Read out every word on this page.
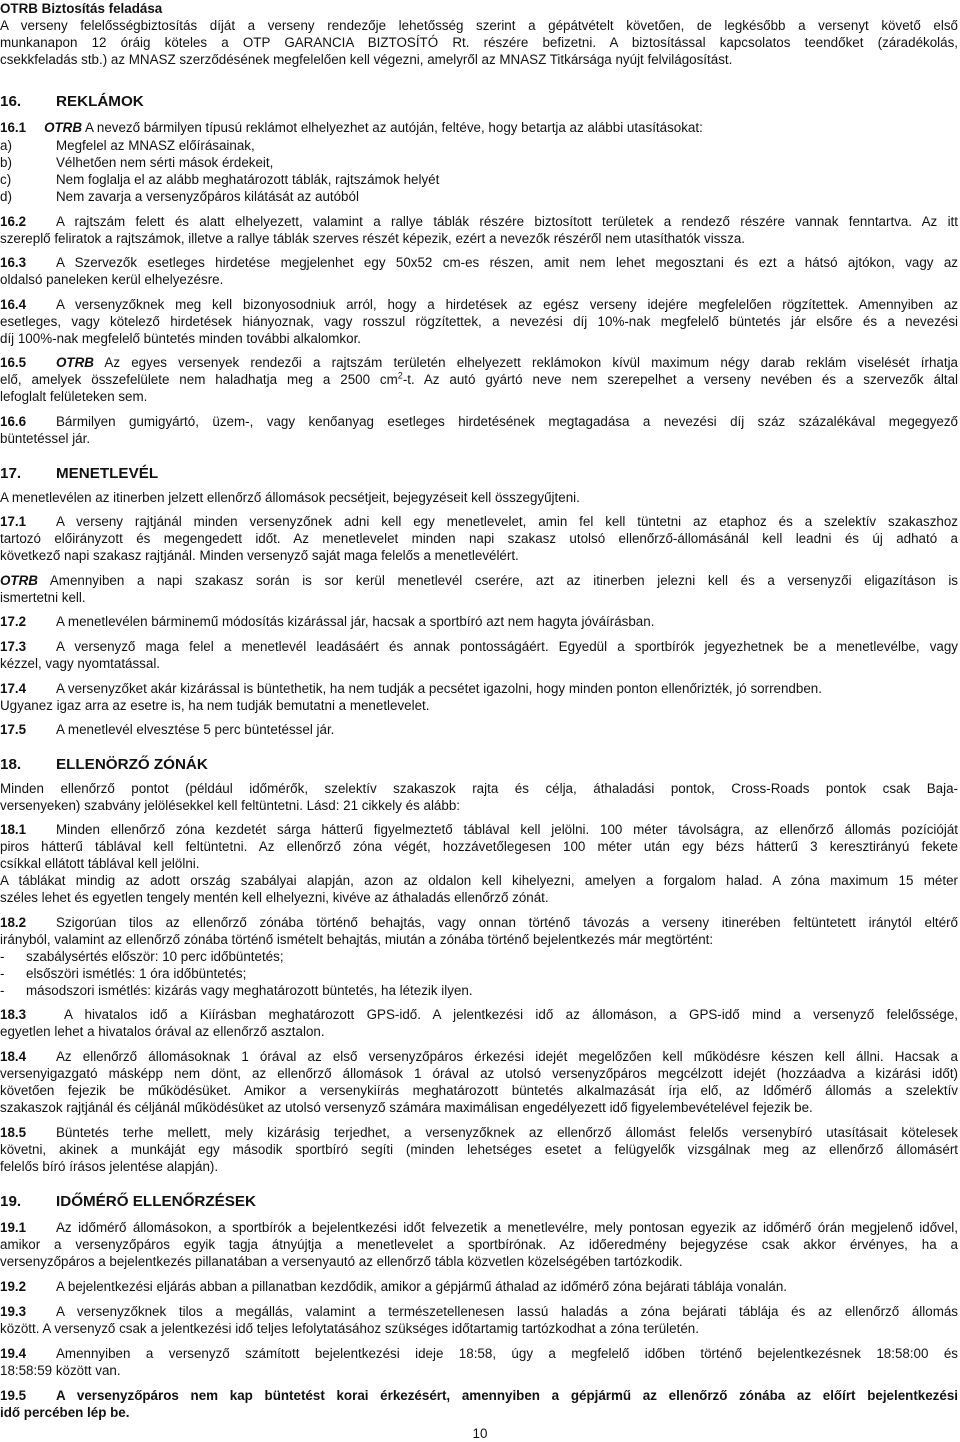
OTRB Biztosítás feladása
A verseny felelősségbiztosítás díját a verseny rendezője lehetősség szerint a gépátvételt követően, de legkésőbb a versenyt követő első
munkanapon 12 óráig köteles a OTP GARANCIA BIZTOSÍTÓ Rt. részére befizetni. A biztosítással kapcsolatos teendőket (záradékolás,
csekkfeladás stb.) az MNASZ szerződésének megfelelően kell végezni, amelyről az MNASZ Titkársága nyújt felvilágosítást.
16. REKLÁMOK
16.1 OTRB A nevező bármilyen típusú reklámot elhelyezhet az autóján, feltéve, hogy betartja az alábbi utasításokat:
a)	Megfelel az MNASZ előírásainak,
b)	Vélhetően nem sérti mások érdekeit,
c)	Nem foglalja el az alább meghatározott táblák, rajtszámok helyét
d)	Nem zavarja a versenyzőpáros kilátását az autóból
16.2 A rajtszám felett és alatt elhelyezett, valamint a rallye táblák részére biztosított területek a rendező részére vannak fenntartva. Az itt
szereplő feliratok a rajtszámok, illetve a rallye táblák szerves részét képezik, ezért a nevezők részéről nem utasíthatók vissza.
16.3 A Szervezők esetleges hirdetése megjelenhet egy 50x52 cm-es részen, amit nem lehet megosztani és ezt a hátsó ajtókon, vagy az
oldalsó paneleken kerül elhelyezésre.
16.4 A versenyzőknek meg kell bizonyosodniuk arról, hogy a hirdetések az egész verseny idejére megfelelően rögzítettek. Amennyiben az
esetleges, vagy kötelező hirdetések hiányoznak, vagy rosszul rögzítettek, a nevezési díj 10%-nak megfelelő büntetés jár elsőre és a nevezési
díj 100%-nak megfelelő büntetés minden további alkalomkor.
16.5 OTRB Az egyes versenyek rendezői a rajtszám területén elhelyezett reklámokon kívül maximum négy darab reklám viselését írhatja
elő, amelyek összefelülete nem haladhatja meg a 2500 $cm^2-t$. Az autó gyártó neve nem szerepelhet a verseny nevében és a szervezők által
lefoglalt felületeken sem.
16.6 Bármilyen gumigyártó, üzem-, vagy kenőanyag esetleges hirdetésének megtagadása a nevezési díj száz százalékával megegyező
büntetéssel jár.
17. MENETLEVÉL
A menetlevélen az itinerben jelzett ellenőrző állomások pecsétjeit, bejegyzéseit kell összegyűjteni.
17.1 A verseny rajtjánál minden versenyzőnek adni kell egy menetlevelet, amin fel kell tüntetni az etaphoz és a szelektív szakaszhoz
tartozó előirányzott és megengedett időt. Az menetlevelet minden napi szakasz utolsó ellenőrző-állomásánál kell leadni és új adható a
következő napi szakasz rajtjánál. Minden versenyző saját maga felelős a menetlevélért.
OTRB Amennyiben a napi szakasz során is sor kerül menetlevél cserére, azt az itinerben jelezni kell és a versenyzői eligazításon is
ismertetni kell.
17.2 A menetlevélen bárminemű módosítás kizárással jár, hacsak a sportbíró azt nem hagyta jóváírásban.
17.3 A versenyző maga felel a menetlevél leadásáért és annak pontosságáért. Egyedül a sportbírók jegyezhetnek be a menetlevélbe, vagy
kézzel, vagy nyomtatással.
17.4 A versenyzőket akár kizárással is büntethetik, ha nem tudják a pecsétet igazolni, hogy minden ponton ellenőrizték, jó sorrendben.
Ugyanez igaz arra az esetre is, ha nem tudják bemutatni a menetlevelet.
17.5 A menetlevél elvesztése 5 perc büntetéssel jár.
18. ELLENÖRZŐ ZÓNÁK
Minden ellenőrző pontot (például időmérők, szelektív szakaszok rajta és célja, áthaladási pontok, Cross-Roads pontok csak Baja-
versenyeken) szabvány jelölésekkel kell feltüntetni. Lásd: 21 cikkely és alább:
18.1 Minden ellenőrző zóna kezdetét sárga hátterű figyelmeztető táblával kell jelölni. 100 méter távolságra, az ellenőrző állomás pozícióját
piros hátterű táblával kell feltüntetni. Az ellenőrző zóna végét, hozzávetőlegesen 100 méter után egy bézs hátterű 3 keresztirányú fekete
csíkkal ellátott táblával kell jelölni.
A táblákat mindig az adott ország szabályai alapján, azon az oldalon kell kihelyezni, amelyen a forgalom halad. A zóna maximum 15 méter
széles lehet és egyetlen tengely mentén kell elhelyezni, kivéve az áthaladás ellenőrző zónát.
18.2 Szigorúan tilos az ellenőrző zónába történő behajtás, vagy onnan történő távozás a verseny itinerében feltüntetett iránytól eltérő
irányból, valamint az ellenőrző zónába történő ismételt behajtás, miután a zónába történő bejelentkezés már megtörtént:
- szabálysértés először: 10 perc időbüntetés;
- elsőszöri ismétlés: 1 óra időbüntetés;
- másodszori ismétlés: kizárás vagy meghatározott büntetés, ha létezik ilyen.
18.3	A hivatalos idő a Kiírásban meghatározott GPS-idő. A jelentkezési idő az állomáson, a GPS-idő mind a versenyző felelőssége,
egyetlen lehet a hivatalos órával az ellenőrző asztalon.
18.4 Az ellenőrző állomásoknak 1 órával az első versenyzőpáros érkezési idejét megelőzően kell működésre készen kell állni. Hacsak a
versenyigazgató másképp nem dönt, az ellenőrző állomások 1 órával az utolsó versenyzőpáros megcélzott idejét (hozzáadva a kizárási időt)
követően fejezik be működésüket. Amikor a versenykiírás meghatározott büntetés alkalmazását írja elő, az ldőmérő állomás a szelektív
szakaszok rajtjánál és céljánál működésüket az utolsó versenyző számára maximálisan engedélyezett idő figyelembevételével fejezik be.
18.5 Büntetés terhe mellett, mely kizárásig terjedhet, a versenyzőknek az ellenőrző állomást felelős versenybíró utasításait kötelesek
követni, akinek a munkáját egy második sportbíró segíti (minden lehetséges esetet a felügyelők vizsgálnak meg az ellenőrző állomásért
felelős bíró írásos jelentése alapján).
19. IDŐMÉRŐ ELLENŐRZÉSEK
19.1 Az időmérő állomásokon, a sportbírók a bejelentkezési időt felvezetik a menetlevélre, mely pontosan egyezik az időmérő órán megjelenő idővel,
amikor a versenyzőpáros egyik tagja átnyújtja a menetlevelet a sportbírónak. Az időeredmény bejegyzése csak akkor érvényes, ha a
versenyzőpáros a bejelentkezés pillanatában a versenyautó az ellenőrző tábla közvetlen közelségében tartózkodik.
19.2 A bejelentkezési eljárás abban a pillanatban kezdődik, amikor a gépjármű áthalad az időmérő zóna bejárati táblája vonalán.
19.3 A versenyzőknek tilos a megállás, valamint a természetellenesen lassú haladás a zóna bejárati táblája és az ellenőrző állomás
között. A versenyző csak a jelentkezési idő teljes lefolytatásához szükséges időtartamig tartózkodhat a zóna területén.
19.4 Amennyiben a versenyző számított bejelentkezési ideje 18:58, úgy a megfelelő időben történő bejelentkezésnek 18:58:00 és
18:58:59 között van.
19.5 A versenyzőpáros nem kap büntetést korai érkezésért, amennyiben a gépjármű az ellenőrző zónába az előírt bejelentkezési
idő percében lép be.
10
